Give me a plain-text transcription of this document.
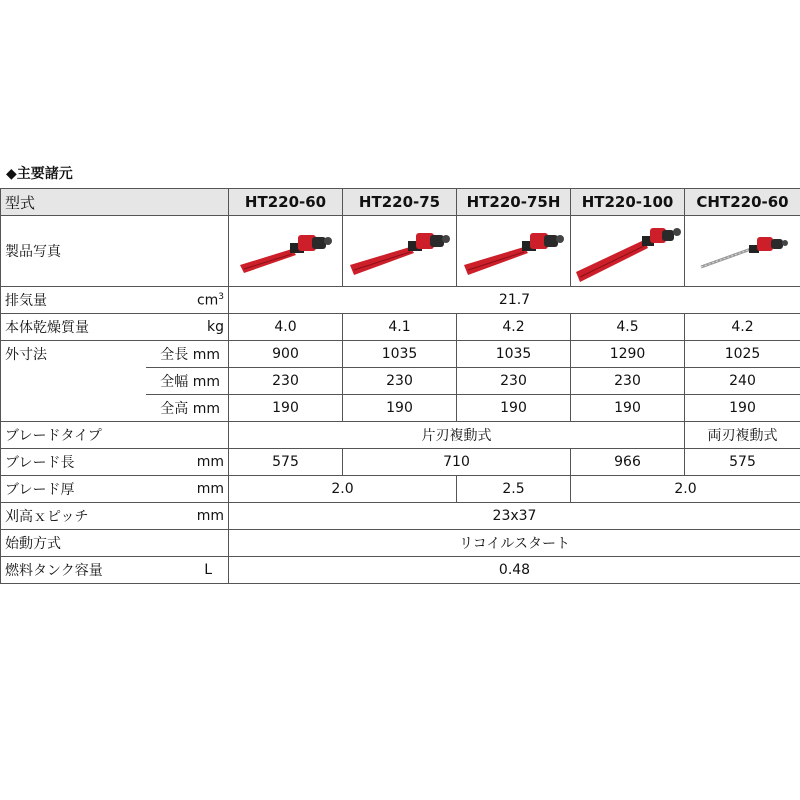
◆主要諸元
型式		HT220-60	HT220-75	HT220-75H	HT220-100	CHT220-60
製品写真	

排気量 $cm^3$		21.7				

本体乾燥質量 kg		4.0	4.1	4.2	4.5	4.2
外寸法	全長 mm	900	1035	1035	1290	1025
	全幅 mm	230	230	230	230	240
	全高 mm	190	190	190	190	190
ブレードタイプ		片刃複動式				両刃複動式

ブレード長 mm		575	710		966	575

ブレード厚 mm		2.0		2.5	2.0	

刈高ｘピッチ mm		23x37				
始動方式		リコイルスタート				

燃料タンク容量 L		0.48				
